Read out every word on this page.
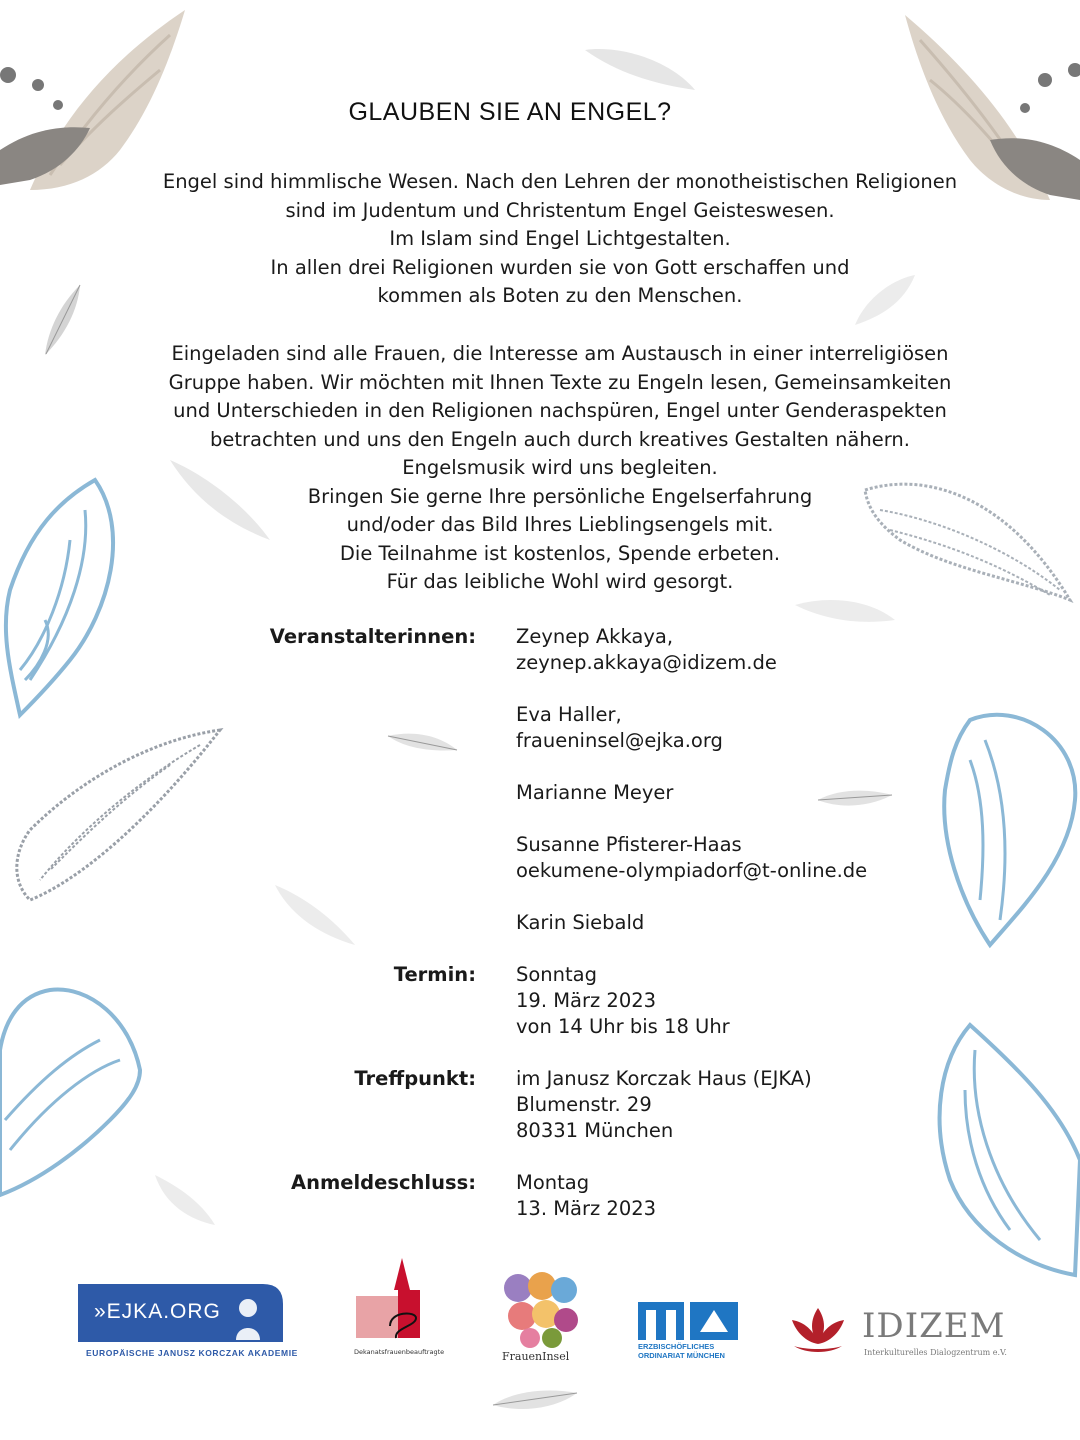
GLAUBEN SIE AN ENGEL?

Engel sind himmlische Wesen. Nach den Lehren der monotheistischen Religionen

sind im Judentum und Christentum Engel Geisteswesen.

Im Islam sind Engel Lichtgestalten.

In allen drei Religionen wurden sie von Gott erschaffen und

kommen als Boten zu den Menschen.

Eingeladen sind alle Frauen, die Interesse am Austausch in einer interreligiösen

Gruppe haben. Wir möchten mit Ihnen Texte zu Engeln lesen, Gemeinsamkeiten

und Unterschieden in den Religionen nachspüren, Engel unter Genderaspekten

betrachten und uns den Engeln auch durch kreatives Gestalten nähern.

Engelsmusik wird uns begleiten.

Bringen Sie gerne Ihre persönliche Engelserfahrung

und/oder das Bild Ihres Lieblingsengels mit.

Die Teilnahme ist kostenlos, Spende erbeten.

Für das leibliche Wohl wird gesorgt.

Veranstalterinnen: Zeynep Akkaya,
zeynep.akkaya@idizem.de
Eva Haller,
fraueninsel@ejka.org
Marianne Meyer
Susanne Pfisterer-Haas
oekumene-olympiadorf@t-online.de
Karin Siebald
Termin: Sonntag
19. März 2023
von 14 Uhr bis 18 Uhr
Treffpunkt: im Janusz Korczak Haus (EJKA)
Blumenstr. 29
80331 München
Anmeldeschluss: Montag
13. März 2023
»EJKA.ORG
EUROPÄISCHE JANUSZ KORCZAK AKADEMIE	Dekanatsfrauenbeauftragte	FrauenInsel
ERZBISCHÖFLICHES
ORDINARIAT MÜNCHEN
IDIZEM
Interkulturelles Dialogzentrum e.V.
